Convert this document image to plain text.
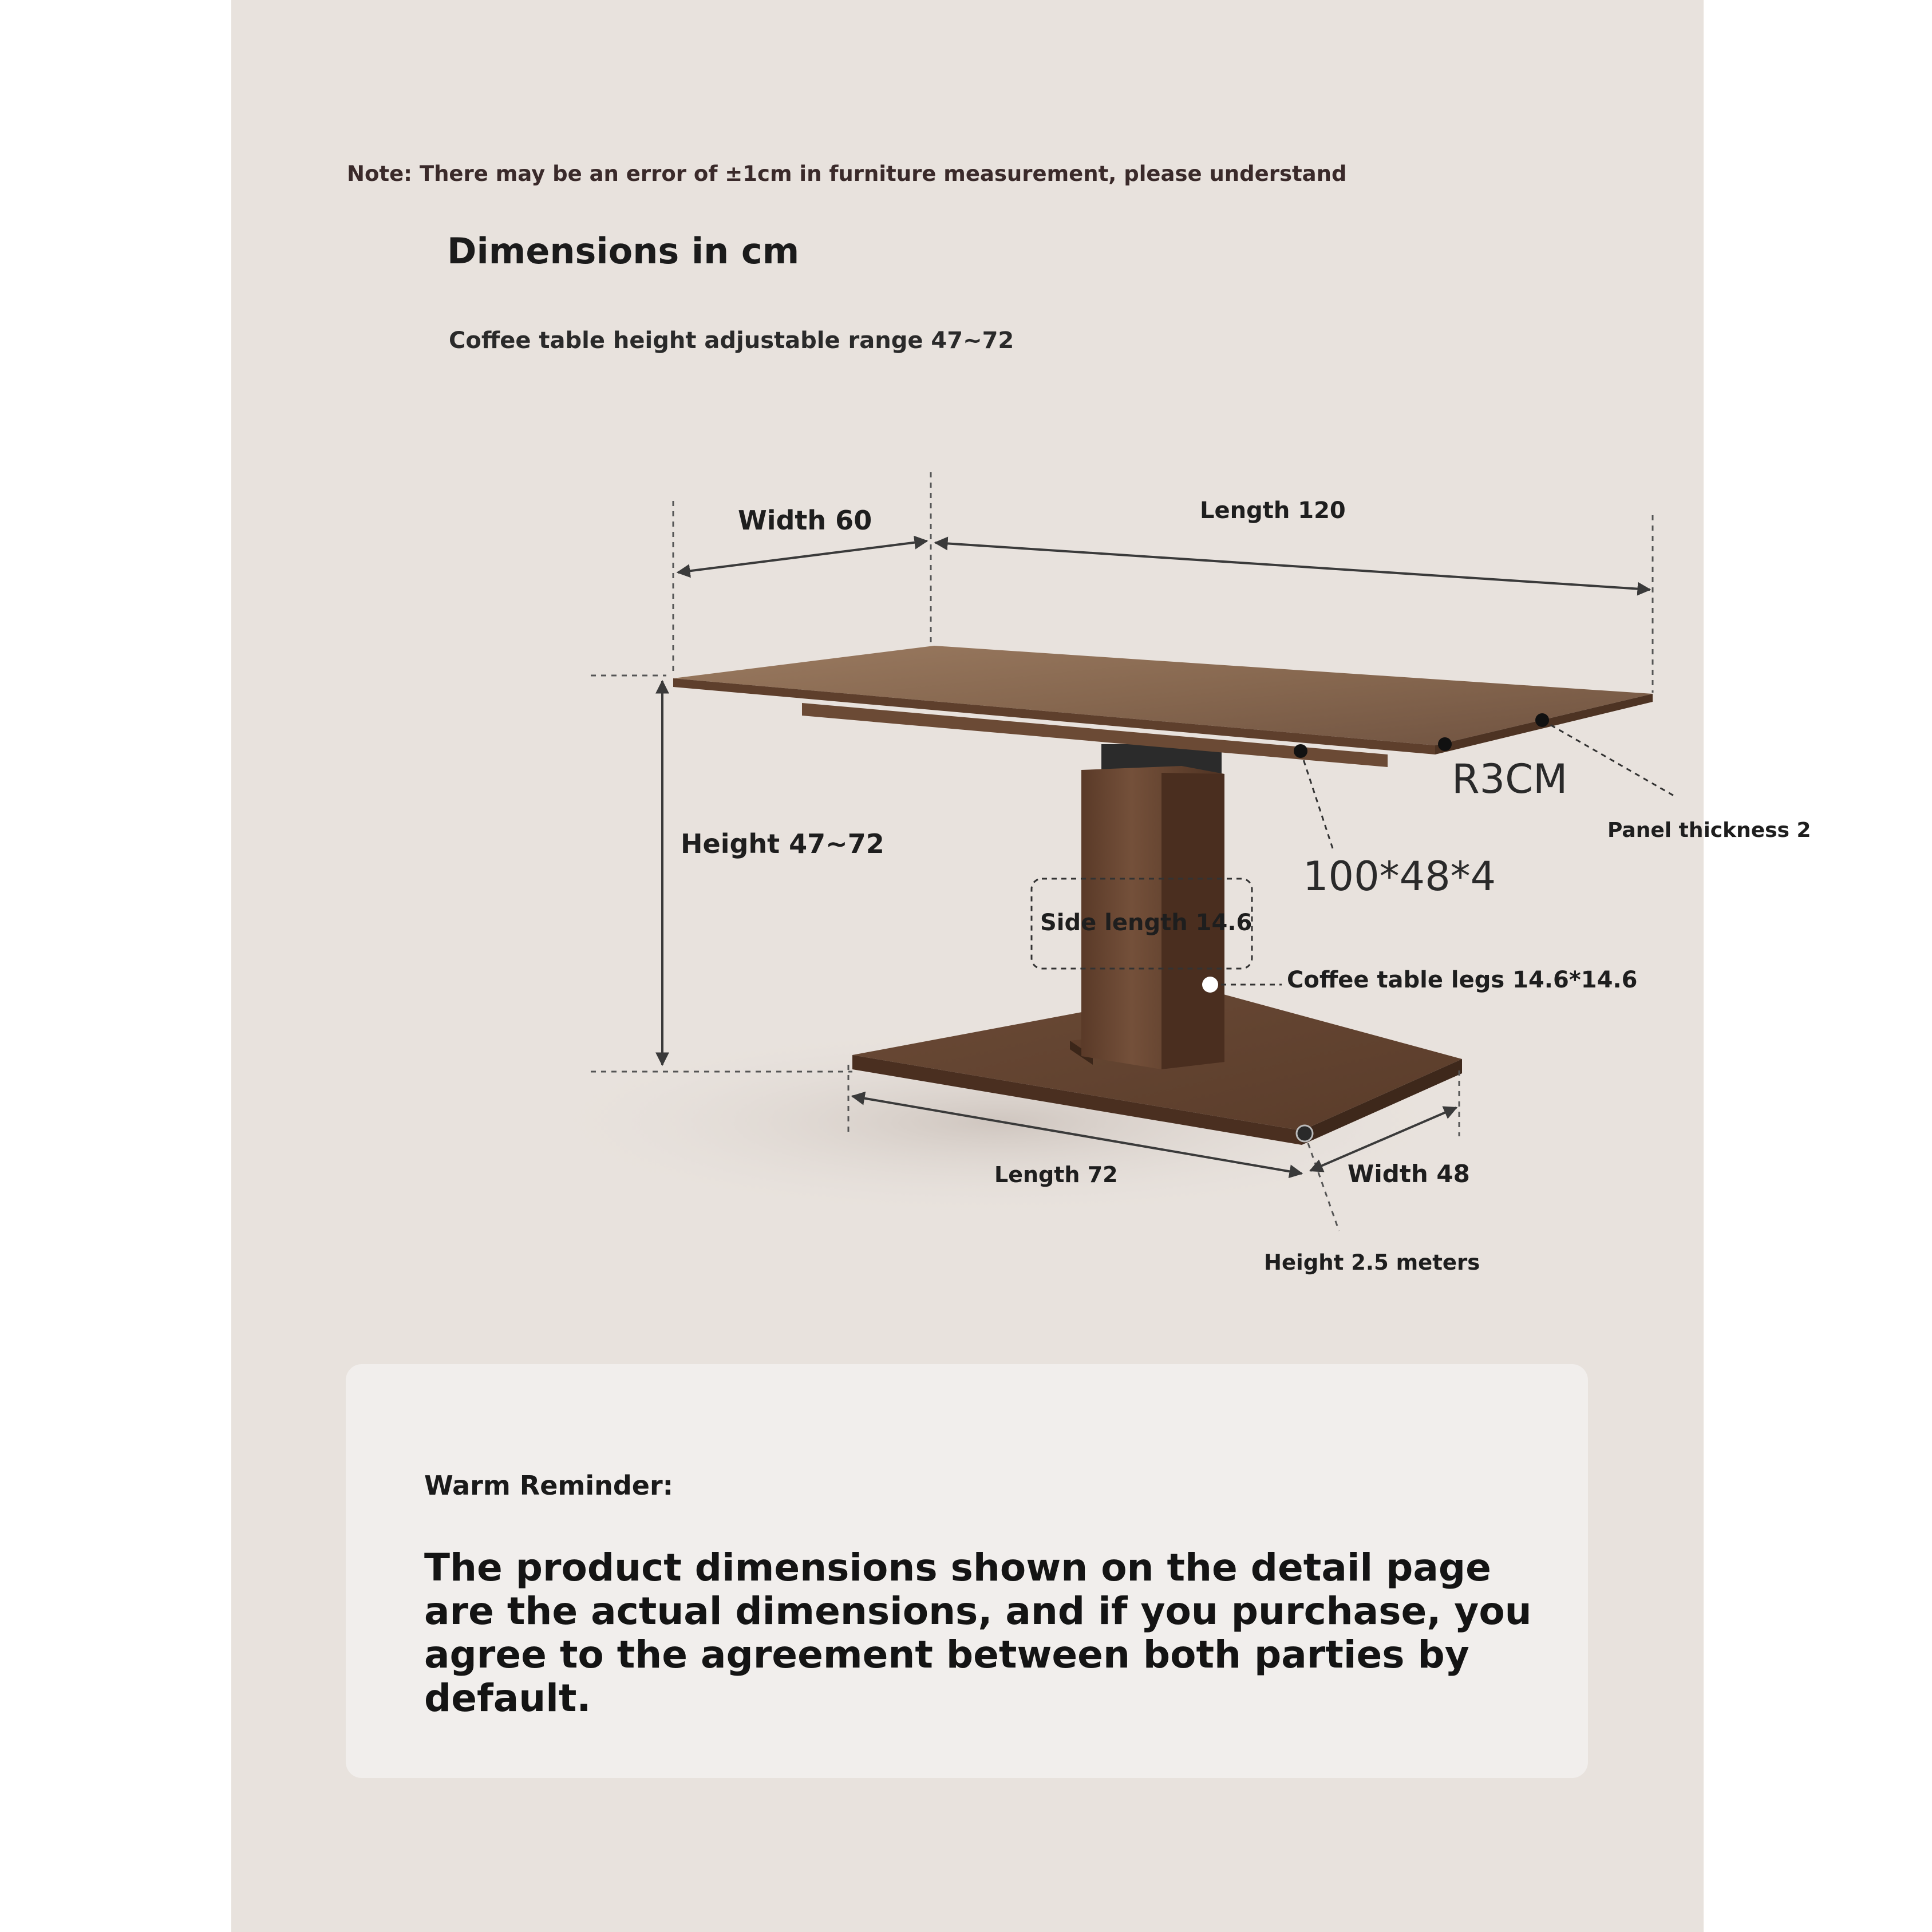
Note: There may be an error of ±1cm in furniture measurement, please understand
Dimensions in cm
Coffee table height adjustable range 47~72
Width 60	Length 120
Height 47~72
R3CM
Panel thickness 2
100*48*4
Side length 14.6
Coffee table legs 14.6*14.6
Length 72	Width 48
Height 2.5 meters
Warm Reminder:
The product dimensions shown on the detail page are the actual dimensions, and if you purchase, you agree to the agreement between both parties by default.
